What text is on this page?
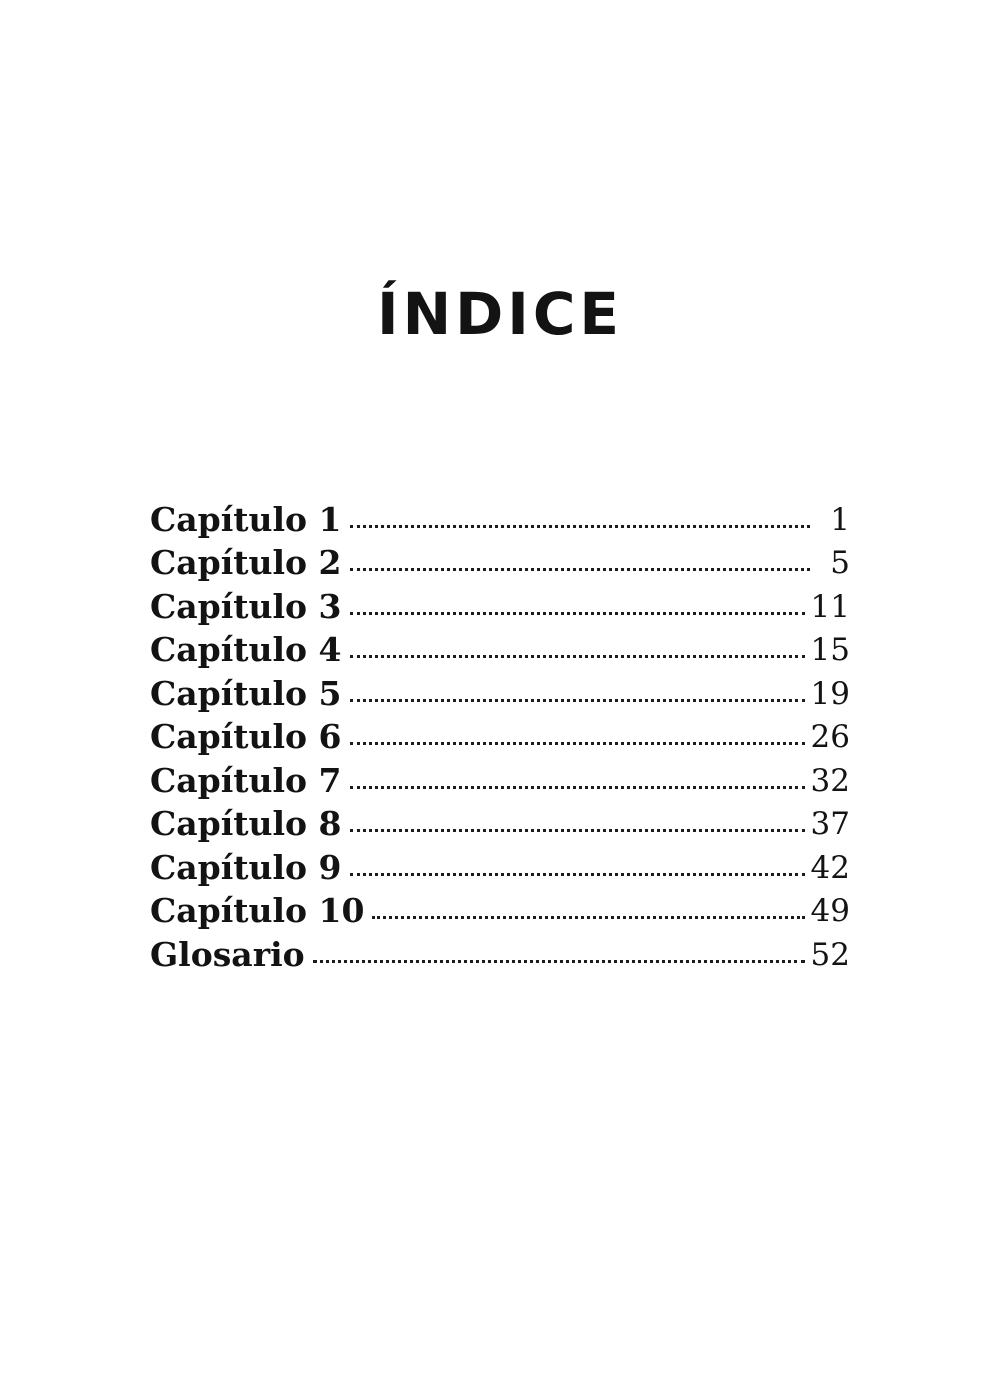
ÍNDICE
Capítulo 1	1
Capítulo 2	5
Capítulo 3	11
Capítulo 4	15
Capítulo 5	19
Capítulo 6	26
Capítulo 7	32
Capítulo 8	37
Capítulo 9	42
Capítulo 10	49
Glosario	52
